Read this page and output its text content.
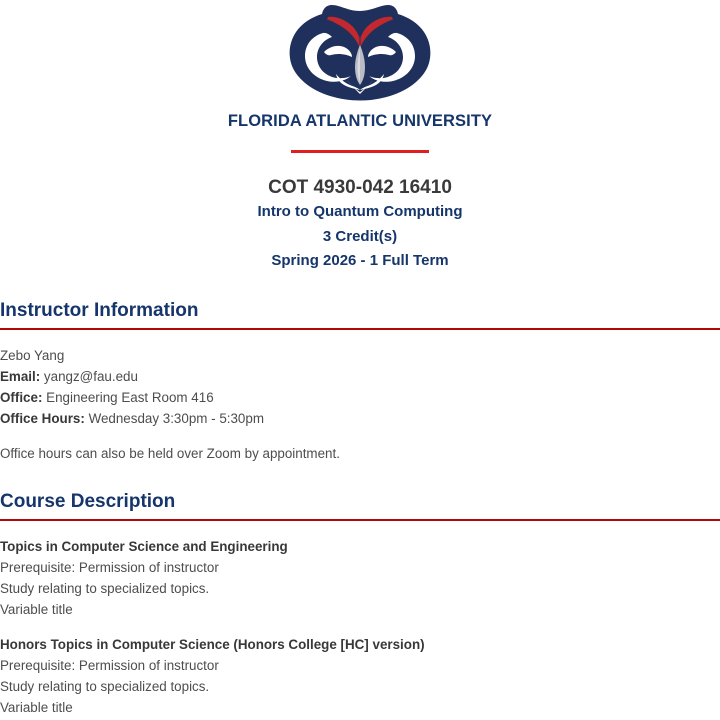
FLORIDA ATLANTIC UNIVERSITY
COT 4930-042 16410
Intro to Quantum Computing
3 Credit(s)
Spring 2026 - 1 Full Term
Instructor Information
Zebo Yang
Email: yangz@fau.edu
Office: Engineering East Room 416
Office Hours: Wednesday 3:30pm - 5:30pm
Office hours can also be held over Zoom by appointment.
Course Description
Topics in Computer Science and Engineering
Prerequisite: Permission of instructor
Study relating to specialized topics.
Variable title
Honors Topics in Computer Science (Honors College [HC] version)
Prerequisite: Permission of instructor
Study relating to specialized topics.
Variable title
